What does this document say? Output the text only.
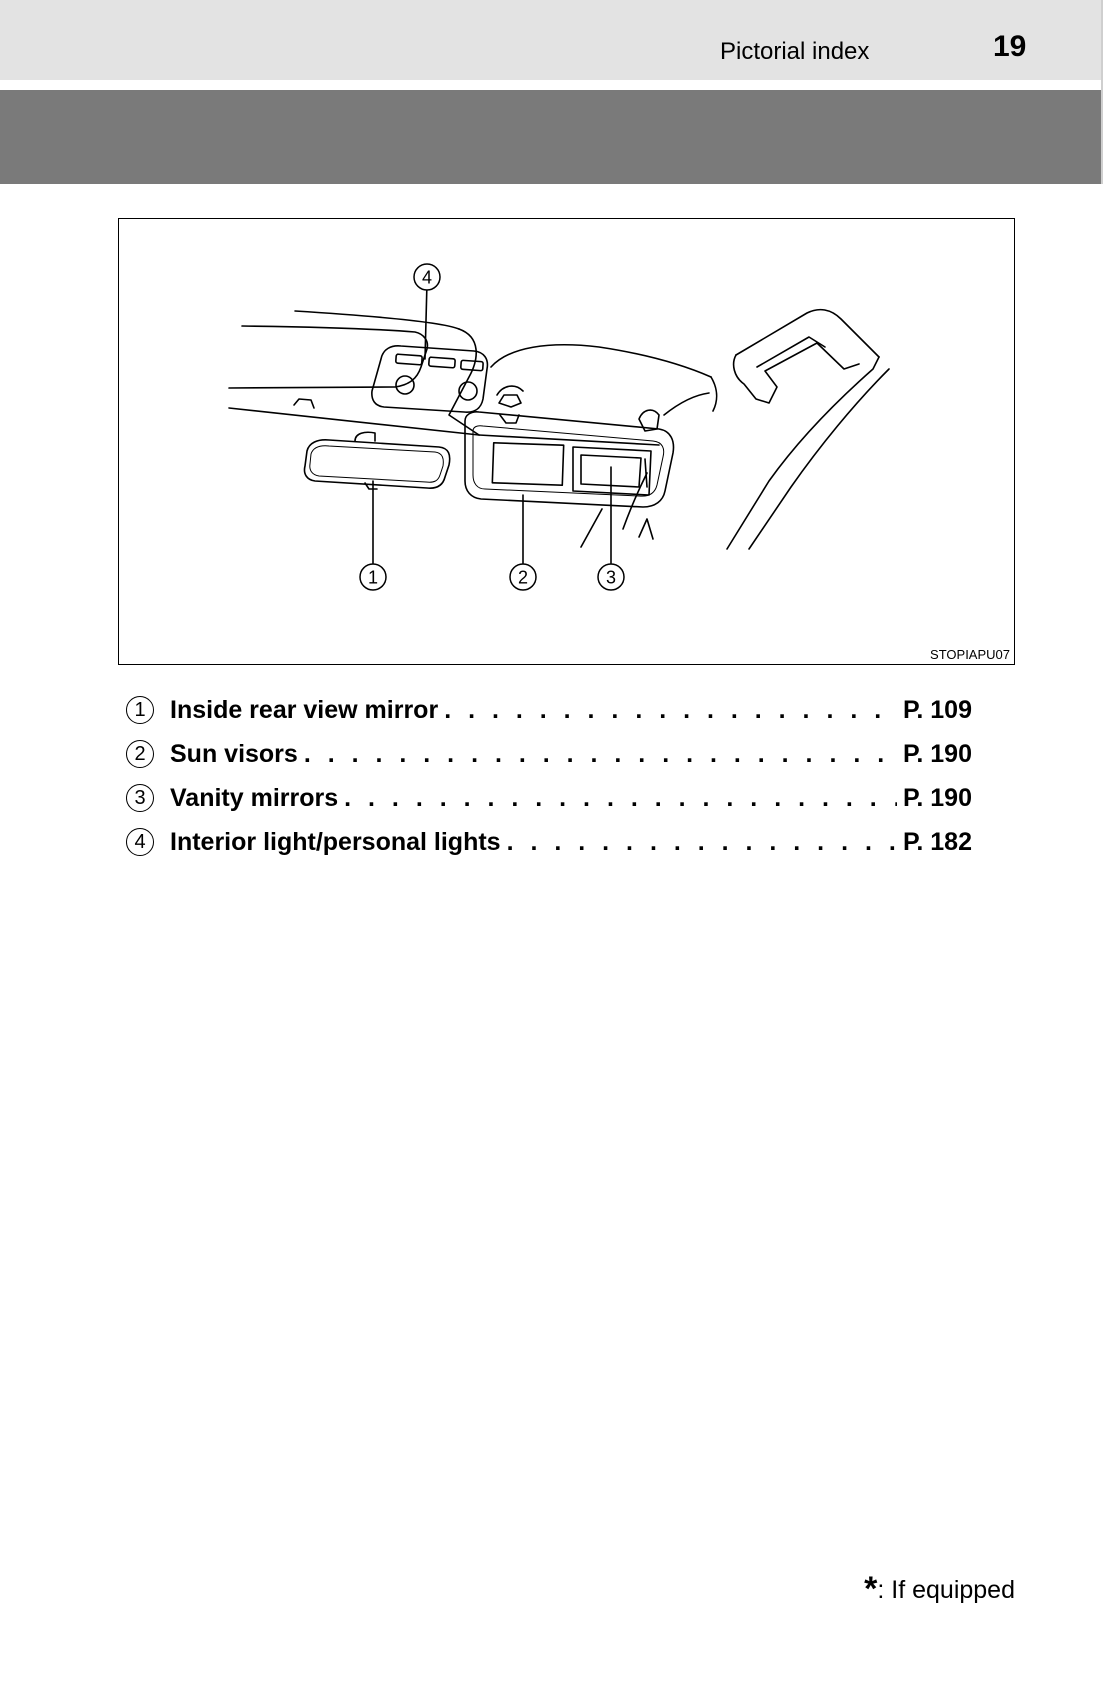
Pictorial index	19
4
1	2	3
STOPIAPU07
1 Inside rear view mirror . . .	P. 109
2 Sun visors . . .	P. 190
3 Vanity mirrors . . .	P. 190
4 Interior light/personal lights . . .	P. 182
*: If equipped
